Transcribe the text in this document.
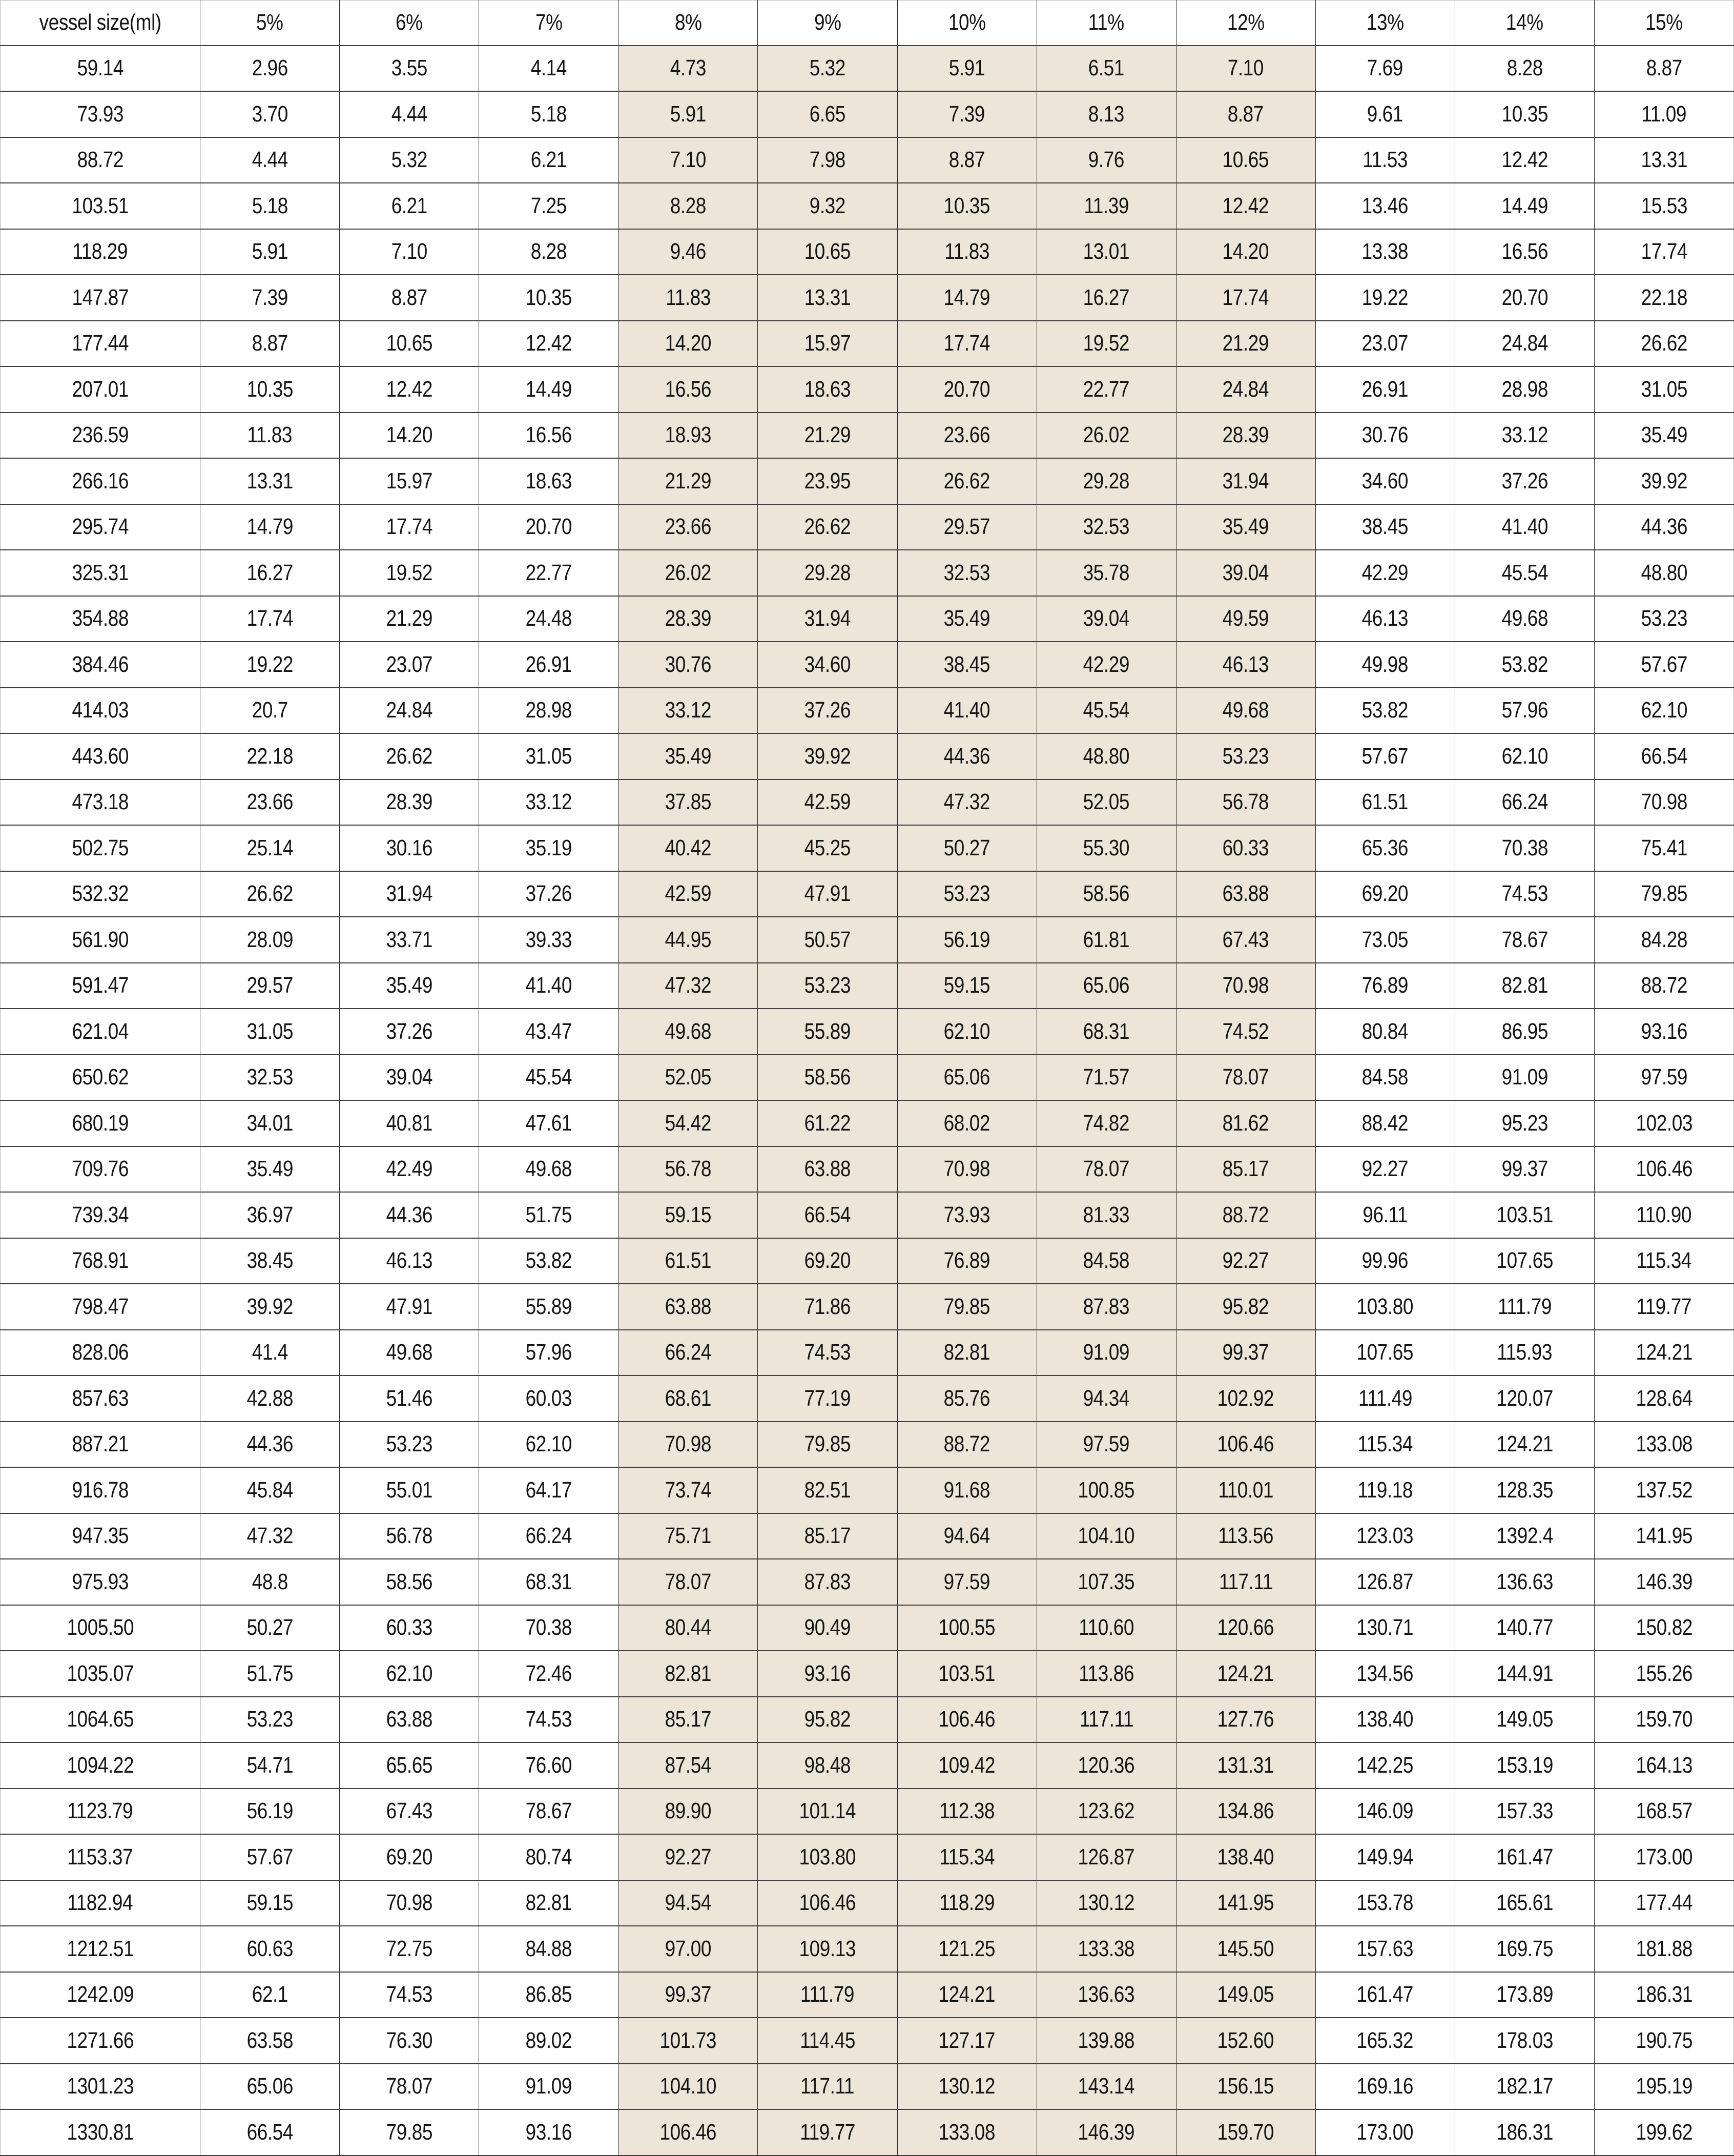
vessel size(ml)	5%	6%	7%	8%	9%	10%	11%	12%	13%	14%	15%
59.14	2.96	3.55	4.14	4.73	5.32	5.91	6.51	7.10	7.69	8.28	8.87
73.93	3.70	4.44	5.18	5.91	6.65	7.39	8.13	8.87	9.61	10.35	11.09
88.72	4.44	5.32	6.21	7.10	7.98	8.87	9.76	10.65	11.53	12.42	13.31
103.51	5.18	6.21	7.25	8.28	9.32	10.35	11.39	12.42	13.46	14.49	15.53
118.29	5.91	7.10	8.28	9.46	10.65	11.83	13.01	14.20	13.38	16.56	17.74
147.87	7.39	8.87	10.35	11.83	13.31	14.79	16.27	17.74	19.22	20.70	22.18
177.44	8.87	10.65	12.42	14.20	15.97	17.74	19.52	21.29	23.07	24.84	26.62
207.01	10.35	12.42	14.49	16.56	18.63	20.70	22.77	24.84	26.91	28.98	31.05
236.59	11.83	14.20	16.56	18.93	21.29	23.66	26.02	28.39	30.76	33.12	35.49
266.16	13.31	15.97	18.63	21.29	23.95	26.62	29.28	31.94	34.60	37.26	39.92
295.74	14.79	17.74	20.70	23.66	26.62	29.57	32.53	35.49	38.45	41.40	44.36
325.31	16.27	19.52	22.77	26.02	29.28	32.53	35.78	39.04	42.29	45.54	48.80
354.88	17.74	21.29	24.48	28.39	31.94	35.49	39.04	49.59	46.13	49.68	53.23
384.46	19.22	23.07	26.91	30.76	34.60	38.45	42.29	46.13	49.98	53.82	57.67
414.03	20.7	24.84	28.98	33.12	37.26	41.40	45.54	49.68	53.82	57.96	62.10
443.60	22.18	26.62	31.05	35.49	39.92	44.36	48.80	53.23	57.67	62.10	66.54
473.18	23.66	28.39	33.12	37.85	42.59	47.32	52.05	56.78	61.51	66.24	70.98
502.75	25.14	30.16	35.19	40.42	45.25	50.27	55.30	60.33	65.36	70.38	75.41
532.32	26.62	31.94	37.26	42.59	47.91	53.23	58.56	63.88	69.20	74.53	79.85
561.90	28.09	33.71	39.33	44.95	50.57	56.19	61.81	67.43	73.05	78.67	84.28
591.47	29.57	35.49	41.40	47.32	53.23	59.15	65.06	70.98	76.89	82.81	88.72
621.04	31.05	37.26	43.47	49.68	55.89	62.10	68.31	74.52	80.84	86.95	93.16
650.62	32.53	39.04	45.54	52.05	58.56	65.06	71.57	78.07	84.58	91.09	97.59
680.19	34.01	40.81	47.61	54.42	61.22	68.02	74.82	81.62	88.42	95.23	102.03
709.76	35.49	42.49	49.68	56.78	63.88	70.98	78.07	85.17	92.27	99.37	106.46
739.34	36.97	44.36	51.75	59.15	66.54	73.93	81.33	88.72	96.11	103.51	110.90
768.91	38.45	46.13	53.82	61.51	69.20	76.89	84.58	92.27	99.96	107.65	115.34
798.47	39.92	47.91	55.89	63.88	71.86	79.85	87.83	95.82	103.80	111.79	119.77
828.06	41.4	49.68	57.96	66.24	74.53	82.81	91.09	99.37	107.65	115.93	124.21
857.63	42.88	51.46	60.03	68.61	77.19	85.76	94.34	102.92	111.49	120.07	128.64
887.21	44.36	53.23	62.10	70.98	79.85	88.72	97.59	106.46	115.34	124.21	133.08
916.78	45.84	55.01	64.17	73.74	82.51	91.68	100.85	110.01	119.18	128.35	137.52
947.35	47.32	56.78	66.24	75.71	85.17	94.64	104.10	113.56	123.03	1392.4	141.95
975.93	48.8	58.56	68.31	78.07	87.83	97.59	107.35	117.11	126.87	136.63	146.39
1005.50	50.27	60.33	70.38	80.44	90.49	100.55	110.60	120.66	130.71	140.77	150.82
1035.07	51.75	62.10	72.46	82.81	93.16	103.51	113.86	124.21	134.56	144.91	155.26
1064.65	53.23	63.88	74.53	85.17	95.82	106.46	117.11	127.76	138.40	149.05	159.70
1094.22	54.71	65.65	76.60	87.54	98.48	109.42	120.36	131.31	142.25	153.19	164.13
1123.79	56.19	67.43	78.67	89.90	101.14	112.38	123.62	134.86	146.09	157.33	168.57
1153.37	57.67	69.20	80.74	92.27	103.80	115.34	126.87	138.40	149.94	161.47	173.00
1182.94	59.15	70.98	82.81	94.54	106.46	118.29	130.12	141.95	153.78	165.61	177.44
1212.51	60.63	72.75	84.88	97.00	109.13	121.25	133.38	145.50	157.63	169.75	181.88
1242.09	62.1	74.53	86.85	99.37	111.79	124.21	136.63	149.05	161.47	173.89	186.31
1271.66	63.58	76.30	89.02	101.73	114.45	127.17	139.88	152.60	165.32	178.03	190.75
1301.23	65.06	78.07	91.09	104.10	117.11	130.12	143.14	156.15	169.16	182.17	195.19
1330.81	66.54	79.85	93.16	106.46	119.77	133.08	146.39	159.70	173.00	186.31	199.62
